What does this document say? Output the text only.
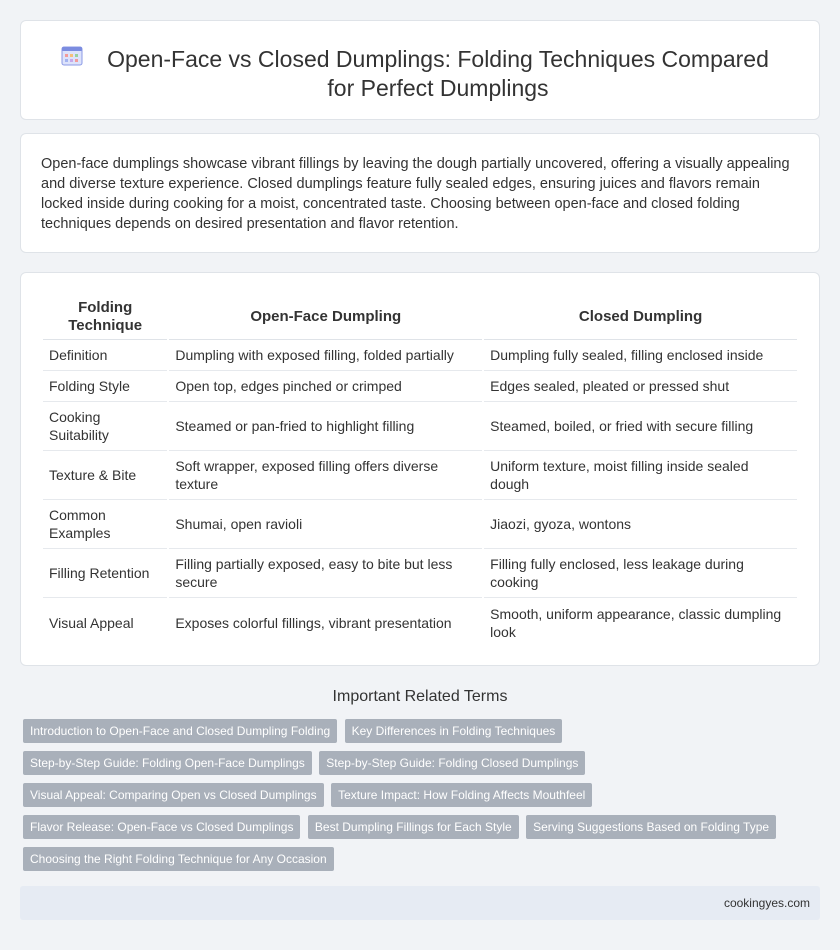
Open-Face vs Closed Dumplings: Folding Techniques Compared for Perfect Dumplings

Open-face dumplings showcase vibrant fillings by leaving the dough partially uncovered, offering a visually appealing and diverse texture experience. Closed dumplings feature fully sealed edges, ensuring juices and flavors remain locked inside during cooking for a moist, concentrated taste. Choosing between open-face and closed folding techniques depends on desired presentation and flavor retention.

Folding Technique	Open-Face Dumpling	Closed Dumpling
Definition	Dumpling with exposed filling, folded partially	Dumpling fully sealed, filling enclosed inside
Folding Style	Open top, edges pinched or crimped	Edges sealed, pleated or pressed shut
Cooking Suitability	Steamed or pan-fried to highlight filling	Steamed, boiled, or fried with secure filling
Texture & Bite	Soft wrapper, exposed filling offers diverse texture	Uniform texture, moist filling inside sealed dough
Common Examples	Shumai, open ravioli	Jiaozi, gyoza, wontons
Filling Retention	Filling partially exposed, easy to bite but less secure	Filling fully enclosed, less leakage during cooking
Visual Appeal	Exposes colorful fillings, vibrant presentation	Smooth, uniform appearance, classic dumpling look
Important Related Terms
Introduction to Open-Face and Closed Dumpling Folding Key Differences in Folding Techniques
Step-by-Step Guide: Folding Open-Face Dumplings Step-by-Step Guide: Folding Closed Dumplings
Visual Appeal: Comparing Open vs Closed Dumplings Texture Impact: How Folding Affects Mouthfeel
Flavor Release: Open-Face vs Closed Dumplings Best Dumpling Fillings for Each Style Serving Suggestions Based on Folding Type
Choosing the Right Folding Technique for Any Occasion
cookingyes.com
